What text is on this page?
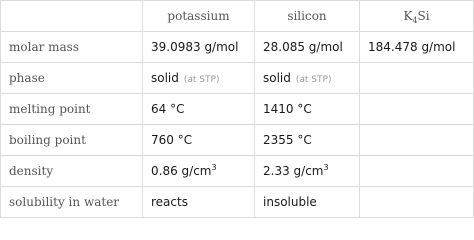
	potassium	silicon	$K_4Si$
molar mass	39.0983 g/mol	28.085 g/mol	184.478 g/mol
phase	solid (at STP)	solid (at STP)	
melting point	64 °C	1410 °C	
boiling point	760 °C	2355 °C	
density	0.86 $g/cm^3$	2.33 $g/cm^3$	
solubility in water	reacts	insoluble	
